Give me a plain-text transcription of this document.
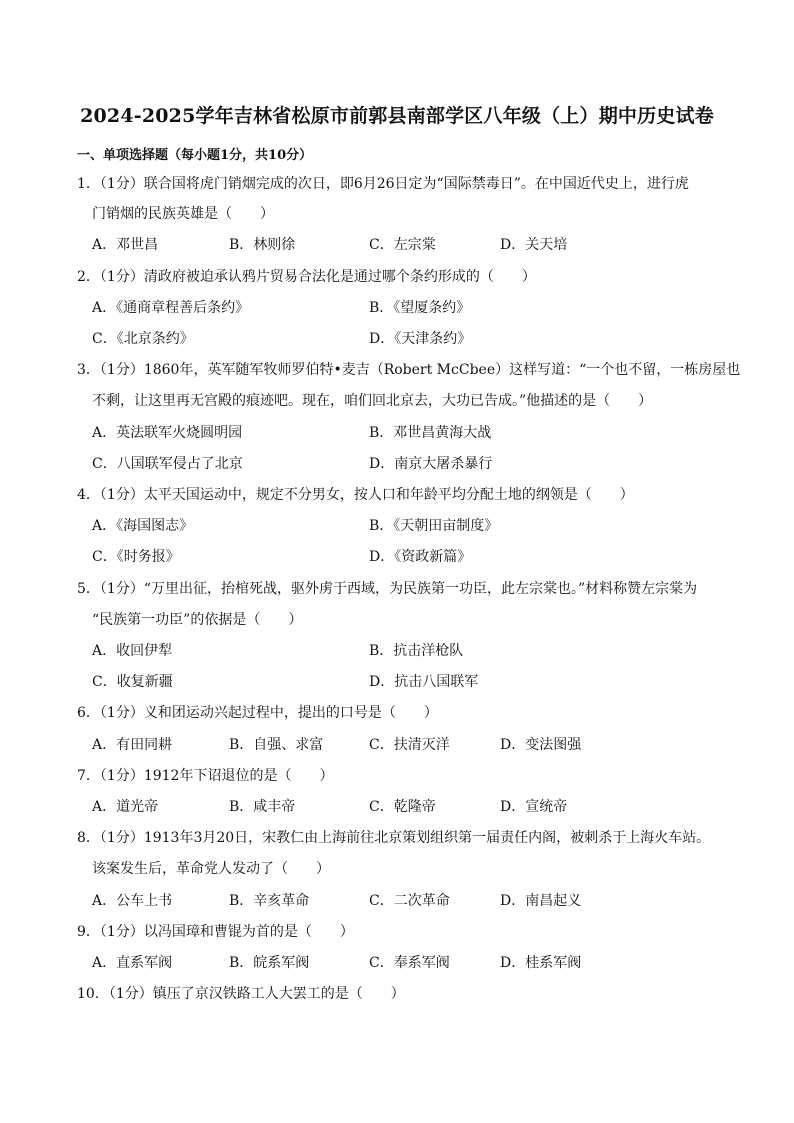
2024-2025学年吉林省松原市前郭县南部学区八年级（上）期中历史试卷
一、单项选择题（每小题1分，共10分）
1．（1分）联合国将虎门销烟完成的次日，即6月26日定为“国际禁毒日”。在中国近代史上，进行虎
门销烟的民族英雄是（　　）
A．邓世昌	B．林则徐	C．左宗棠	D．关天培
2．（1分）清政府被迫承认鸦片贸易合法化是通过哪个条约形成的（　　）
A．《通商章程善后条约》	B．《望厦条约》
C．《北京条约》	D．《天津条约》
3．（1分）1860年，英军随军牧师罗伯特•麦吉（Robert McCbee）这样写道：“一个也不留，一栋房屋也
不剩，让这里再无宫殿的痕迹吧。现在，咱们回北京去，大功已告成。”他描述的是（　　）
A．英法联军火烧圆明园	B．邓世昌黄海大战
C．八国联军侵占了北京	D．南京大屠杀暴行
4．（1分）太平天国运动中，规定不分男女，按人口和年龄平均分配土地的纲领是（　　）
A．《海国图志》	B．《天朝田亩制度》
C．《时务报》	D．《资政新篇》
5．（1分）“万里出征，抬棺死战，驱外虏于西域，为民族第一功臣，此左宗棠也。”材料称赞左宗棠为
“民族第一功臣”的依据是（　　）
A．收回伊犁	B．抗击洋枪队
C．收复新疆	D．抗击八国联军
6．（1分）义和团运动兴起过程中，提出的口号是（　　）
A．有田同耕	B．自强、求富	C．扶清灭洋	D．变法图强
7．（1分）1912年下诏退位的是（　　）
A．道光帝	B．咸丰帝	C．乾隆帝	D．宣统帝
8．（1分）1913年3月20日，宋教仁由上海前往北京策划组织第一届责任内阁，被刺杀于上海火车站。
该案发生后，革命党人发动了（　　）
A．公车上书	B．辛亥革命	C．二次革命	D．南昌起义
9．（1分）以冯国璋和曹锟为首的是（　　）
A．直系军阀	B．皖系军阀	C．奉系军阀	D．桂系军阀
10．（1分）镇压了京汉铁路工人大罢工的是（　　）
